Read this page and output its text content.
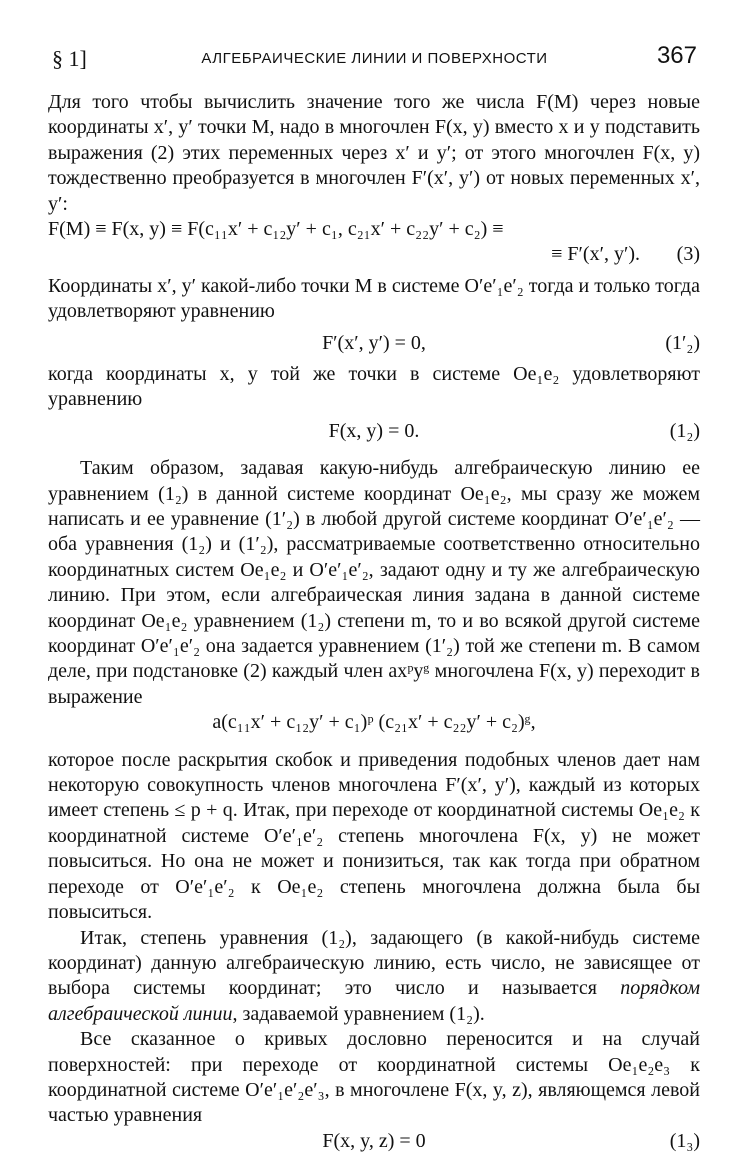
§ 1]	АЛГЕБРАИЧЕСКИЕ ЛИНИИ И ПОВЕРХНОСТИ	367

Для того чтобы вычислить значение того же числа F(M) через новые координаты x′, y′ точки M, надо в многочлен F(x, y) вместо x и y подставить выражения (2) этих переменных через x′ и y′; от этого многочлен F(x, y) тождественно преобразуется в многочлен F′(x′, y′) от новых переменных x′, y′:

F(M) ≡ F(x, y) ≡ F(c₁₁x′ + c₁₂y′ + c₁, c₂₁x′ + c₂₂y′ + c₂) ≡
≡ F′(x′, y′). (3)

Координаты x′, y′ какой-либо точки M в системе O′e′₁e′₂ тогда и только тогда удовлетворяют уравнению

F′(x′, y′) = 0,	(1′₂)

когда координаты x, y той же точки в системе Oe₁e₂ удовлетворяют уравнению

F(x, y) = 0.	(1₂)

Таким образом, задавая какую-нибудь алгебраическую линию ее уравнением (1₂) в данной системе координат Oe₁e₂, мы сразу же можем написать и ее уравнение (1′₂) в любой другой системе координат O′e′₁e′₂ — оба уравнения (1₂) и (1′₂), рассматриваемые соответственно относительно координатных систем Oe₁e₂ и O′e′₁e′₂, задают одну и ту же алгебраическую линию. При этом, если алгебраическая линия задана в данной системе координат Oe₁e₂ уравнением (1₂) степени m, то и во всякой другой системе координат O′e′₁e′₂ она задается уравнением (1′₂) той же степени m. В самом деле, при подстановке (2) каждый член axᵖyᵍ многочлена F(x, y) переходит в выражение

a(c₁₁x′ + c₁₂y′ + c₁)ᵖ (c₂₁x′ + c₂₂y′ + c₂)ᵍ,

которое после раскрытия скобок и приведения подобных членов дает нам некоторую совокупность членов многочлена F′(x′, y′), каждый из которых имеет степень ≤ p + q. Итак, при переходе от координатной системы Oe₁e₂ к координатной системе O′e′₁e′₂ степень многочлена F(x, y) не может повыситься. Но она не может и понизиться, так как тогда при обратном переходе от O′e′₁e′₂ к Oe₁e₂ степень многочлена должна была бы повыситься.

Итак, степень уравнения (1₂), задающего (в какой-нибудь системе координат) данную алгебраическую линию, есть число, не зависящее от выбора системы координат; это число и называется порядком алгебраической линии, задаваемой уравнением (1₂).

Все сказанное о кривых дословно переносится и на случай поверхностей: при переходе от координатной системы Oe₁e₂e₃ к координатной системе O′e′₁e′₂e′₃, в многочлене F(x, y, z), являющемся левой частью уравнения

F(x, y, z) = 0	(1₃)
